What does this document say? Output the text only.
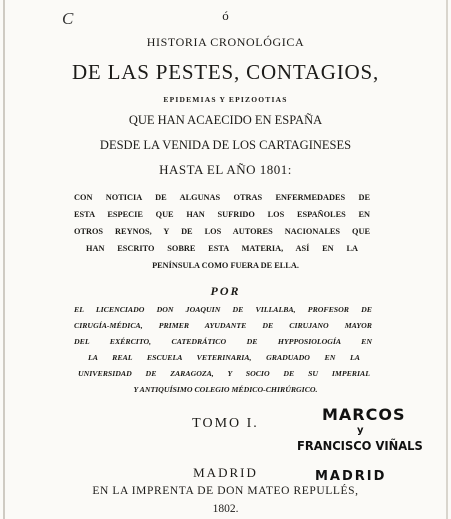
C	ó
HISTORIA CRONOLÓGICA
DE LAS PESTES, CONTAGIOS,
EPIDEMIAS Y EPIZOOTIAS
QUE HAN ACAECIDO EN ESPAÑA
DESDE LA VENIDA DE LOS CARTAGINESES
HASTA EL AÑO 1801:
CON NOTICIA DE ALGUNAS OTRAS ENFERMEDADES DE
ESTA ESPECIE QUE HAN SUFRIDO LOS ESPAÑOLES EN
OTROS REYNOS, Y DE LOS AUTORES NACIONALES QUE
HAN ESCRITO SOBRE ESTA MATERIA, ASÍ EN LA
PENÍNSULA COMO FUERA DE ELLA.
POR
EL LICENCIADO DON JOAQUIN DE VILLALBA, PROFESOR DE
CIRUGÍA-MÉDICA, PRIMER AYUDANTE DE CIRUJANO MAYOR
DEL EXÉRCITO, CATEDRÁTICO DE HYPPOSIOLOGÍA EN
LA REAL ESCUELA VETERINARIA, GRADUADO EN LA
UNIVERSIDAD DE ZARAGOZA, Y SOCIO DE SU IMPERIAL
Y ANTIQUÍSIMO COLEGIO MÉDICO-CHIRÚRGICO.
TOMO I.	MARCOS
y
FRANCISCO VIÑALS
MADRID
MADRID
EN LA IMPRENTA DE DON MATEO REPULLÉS,
1802.
